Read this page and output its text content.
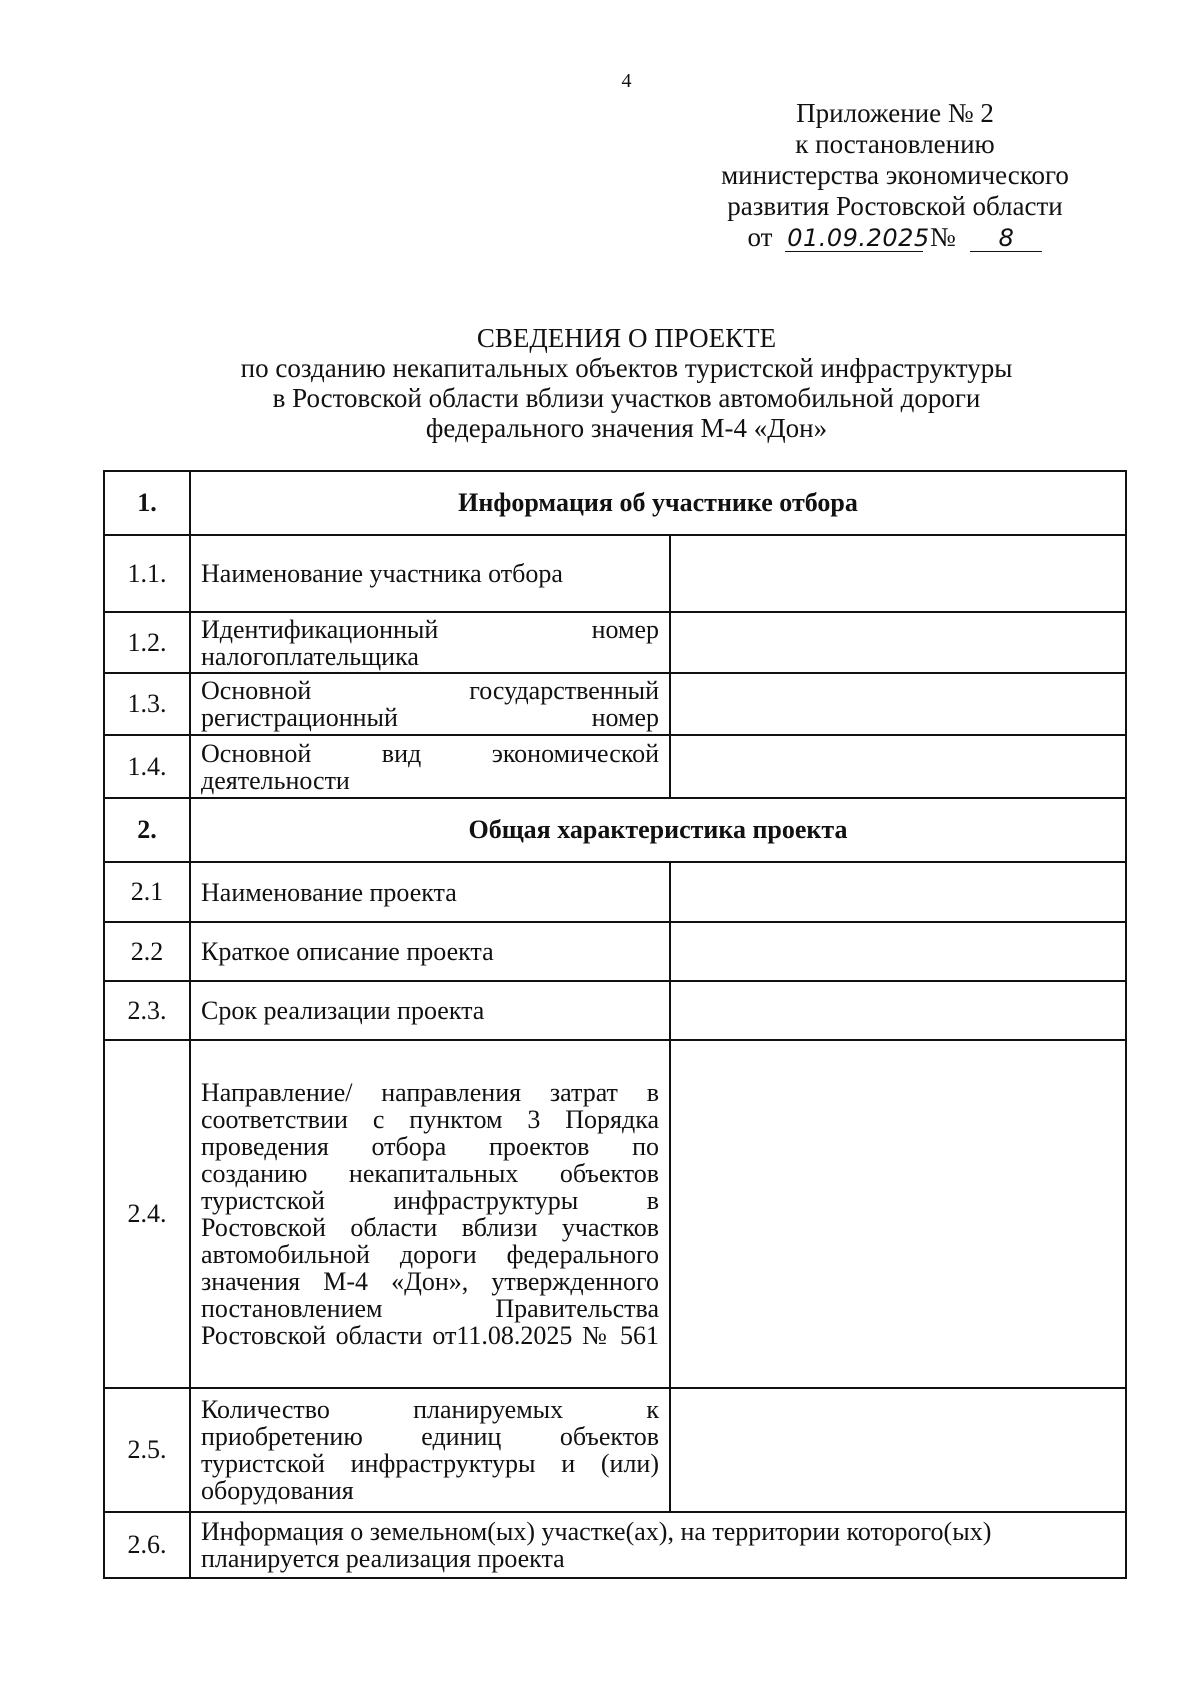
4
Приложение № 2
к постановлению
министерства экономического
развития Ростовской области
от 01.09.2025 № 8
СВЕДЕНИЯ О ПРОЕКТЕ
по созданию некапитальных объектов туристской инфраструктуры
в Ростовской области вблизи участков автомобильной дороги
федерального значения М-4 «Дон»
1.	Информация об участнике отбора	
1.1.	Наименование участника отбора	
1.2.	Идентификационный номер налогоплательщика	
1.3.	Основной государственный регистрационный номер	
1.4.	Основной вид экономической деятельности	
2.	Общая характеристика проекта	
2.1	Наименование проекта	
2.2	Краткое описание проекта	
2.3.	Срок реализации проекта	
2.4.	Направление/ направления затрат в соответствии с пунктом 3 Порядка проведения отбора проектов по созданию некапитальных объектов туристской инфраструктуры в Ростовской области вблизи участков автомобильной дороги федерального значения М-4 «Дон», утвержденного постановлением Правительства Ростовской области от11.08.2025 № 561	
2.5.	Количество планируемых к приобретению единиц объектов туристской инфраструктуры и (или) оборудования	
2.6.	Информация о земельном(ых) участке(ах), на территории которого(ых) планируется реализация проекта	
